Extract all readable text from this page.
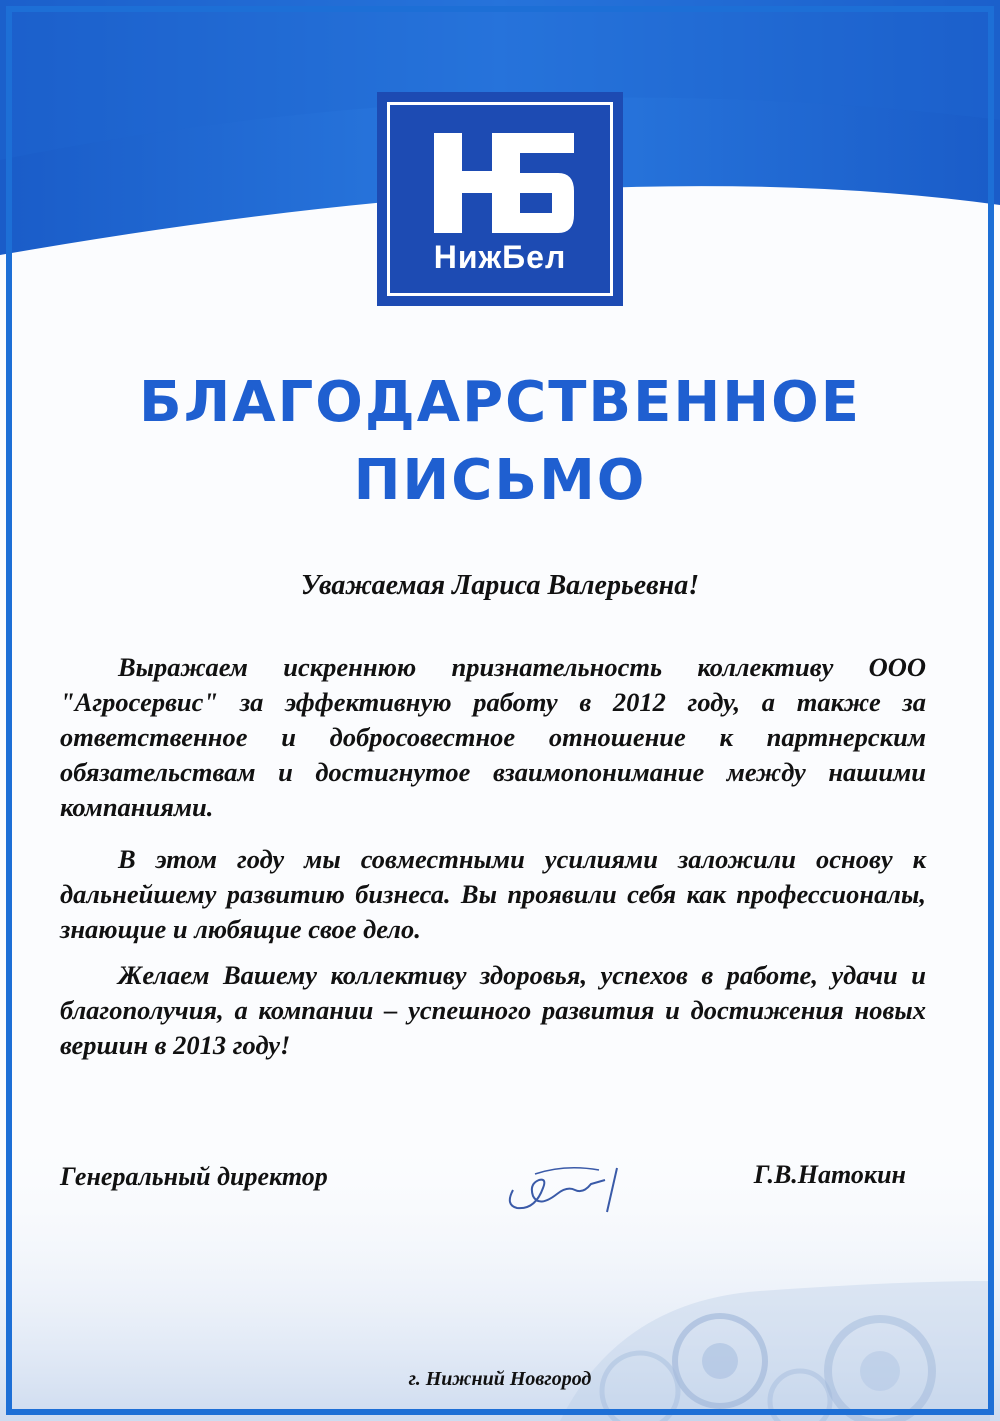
НижБел
БЛАГОДАРСТВЕННОЕ
ПИСЬМО
Уважаемая Лариса Валерьевна!

Выражаем искреннюю признательность коллективу ООО "Агросервис" за эффективную работу в 2012 году, а также за ответственное и добросовестное отношение к партнерским обязательствам и достигнутое взаимопонимание между нашими компаниями.

В этом году мы совместными усилиями заложили основу к дальнейшему развитию бизнеса. Вы проявили себя как профессионалы, знающие и любящие свое дело.

Желаем Вашему коллективу здоровья, успехов в работе, удачи и благополучия, а компании – успешного развития и достижения новых вершин в 2013 году!

Генеральный директор	Г.В.Натокин
г. Нижний Новгород
